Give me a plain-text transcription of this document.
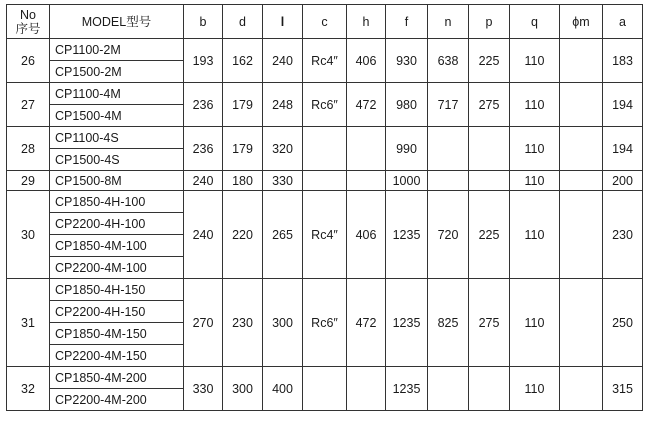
No
序号	MODEL型号	b	d	l	c	h	f	n	p	q	ϕm	a
26	CP1100-2M	193	162	240	Rc4″	406	930	638	225	110		183
	CP1500-2M											
27	CP1100-4M	236	179	248	Rc6″	472	980	717	275	110		194
	CP1500-4M											
28	CP1100-4S	236	179	320			990			110		194
	CP1500-4S											
29	CP1500-8M	240	180	330			1000			110		200
30	CP1850-4H-100	240	220	265	Rc4″	406	1235	720	225	110		230
	CP2200-4H-100											
	CP1850-4M-100											
	CP2200-4M-100											
31	CP1850-4H-150	270	230	300	Rc6″	472	1235	825	275	110		250
	CP2200-4H-150											
	CP1850-4M-150											
	CP2200-4M-150											
32	CP1850-4M-200	330	300	400			1235			110		315
	CP2200-4M-200											
